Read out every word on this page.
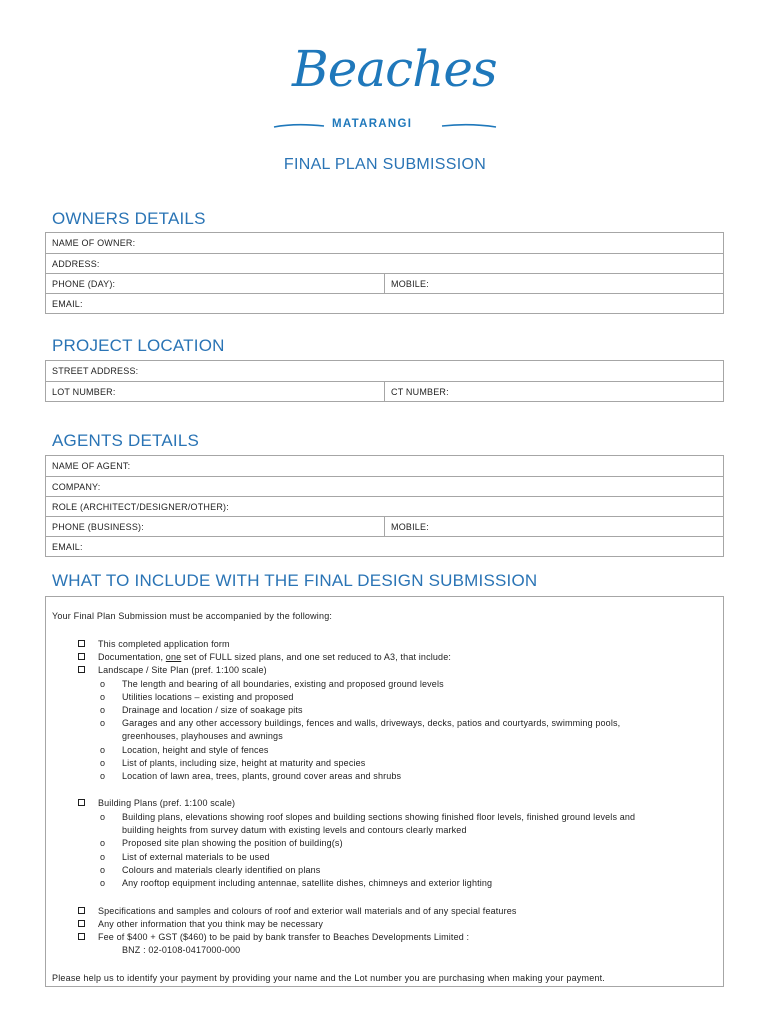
Beaches
MATARANGI
FINAL PLAN SUBMISSION
OWNERS DETAILS
NAME OF OWNER:
ADDRESS:
PHONE (DAY):	MOBILE:
EMAIL:
PROJECT LOCATION
STREET ADDRESS:
LOT NUMBER:	CT NUMBER:
AGENTS DETAILS
NAME OF AGENT:
COMPANY:
ROLE (ARCHITECT/DESIGNER/OTHER):
PHONE (BUSINESS):	MOBILE:
EMAIL:
WHAT TO INCLUDE WITH THE FINAL DESIGN SUBMISSION
Your Final Plan Submission must be accompanied by the following:
This completed application form
Documentation, one set of FULL sized plans, and one set reduced to A3, that include:
Landscape / Site Plan (pref. 1:100 scale)
o The length and bearing of all boundaries, existing and proposed ground levels
o Utilities locations – existing and proposed
o Drainage and location / size of soakage pits
o Garages and any other accessory buildings, fences and walls, driveways, decks, patios and courtyards, swimming pools,
greenhouses, playhouses and awnings
o Location, height and style of fences
o List of plants, including size, height at maturity and species
o Location of lawn area, trees, plants, ground cover areas and shrubs
Building Plans (pref. 1:100 scale)
o Building plans, elevations showing roof slopes and building sections showing finished floor levels, finished ground levels and
building heights from survey datum with existing levels and contours clearly marked
o Proposed site plan showing the position of building(s)
o List of external materials to be used
o Colours and materials clearly identified on plans
o Any rooftop equipment including antennae, satellite dishes, chimneys and exterior lighting
Specifications and samples and colours of roof and exterior wall materials and of any special features
Any other information that you think may be necessary
Fee of $400 + GST ($460) to be paid by bank transfer to Beaches Developments Limited :
BNZ : 02-0108-0417000-000
Please help us to identify your payment by providing your name and the Lot number you are purchasing when making your payment.
